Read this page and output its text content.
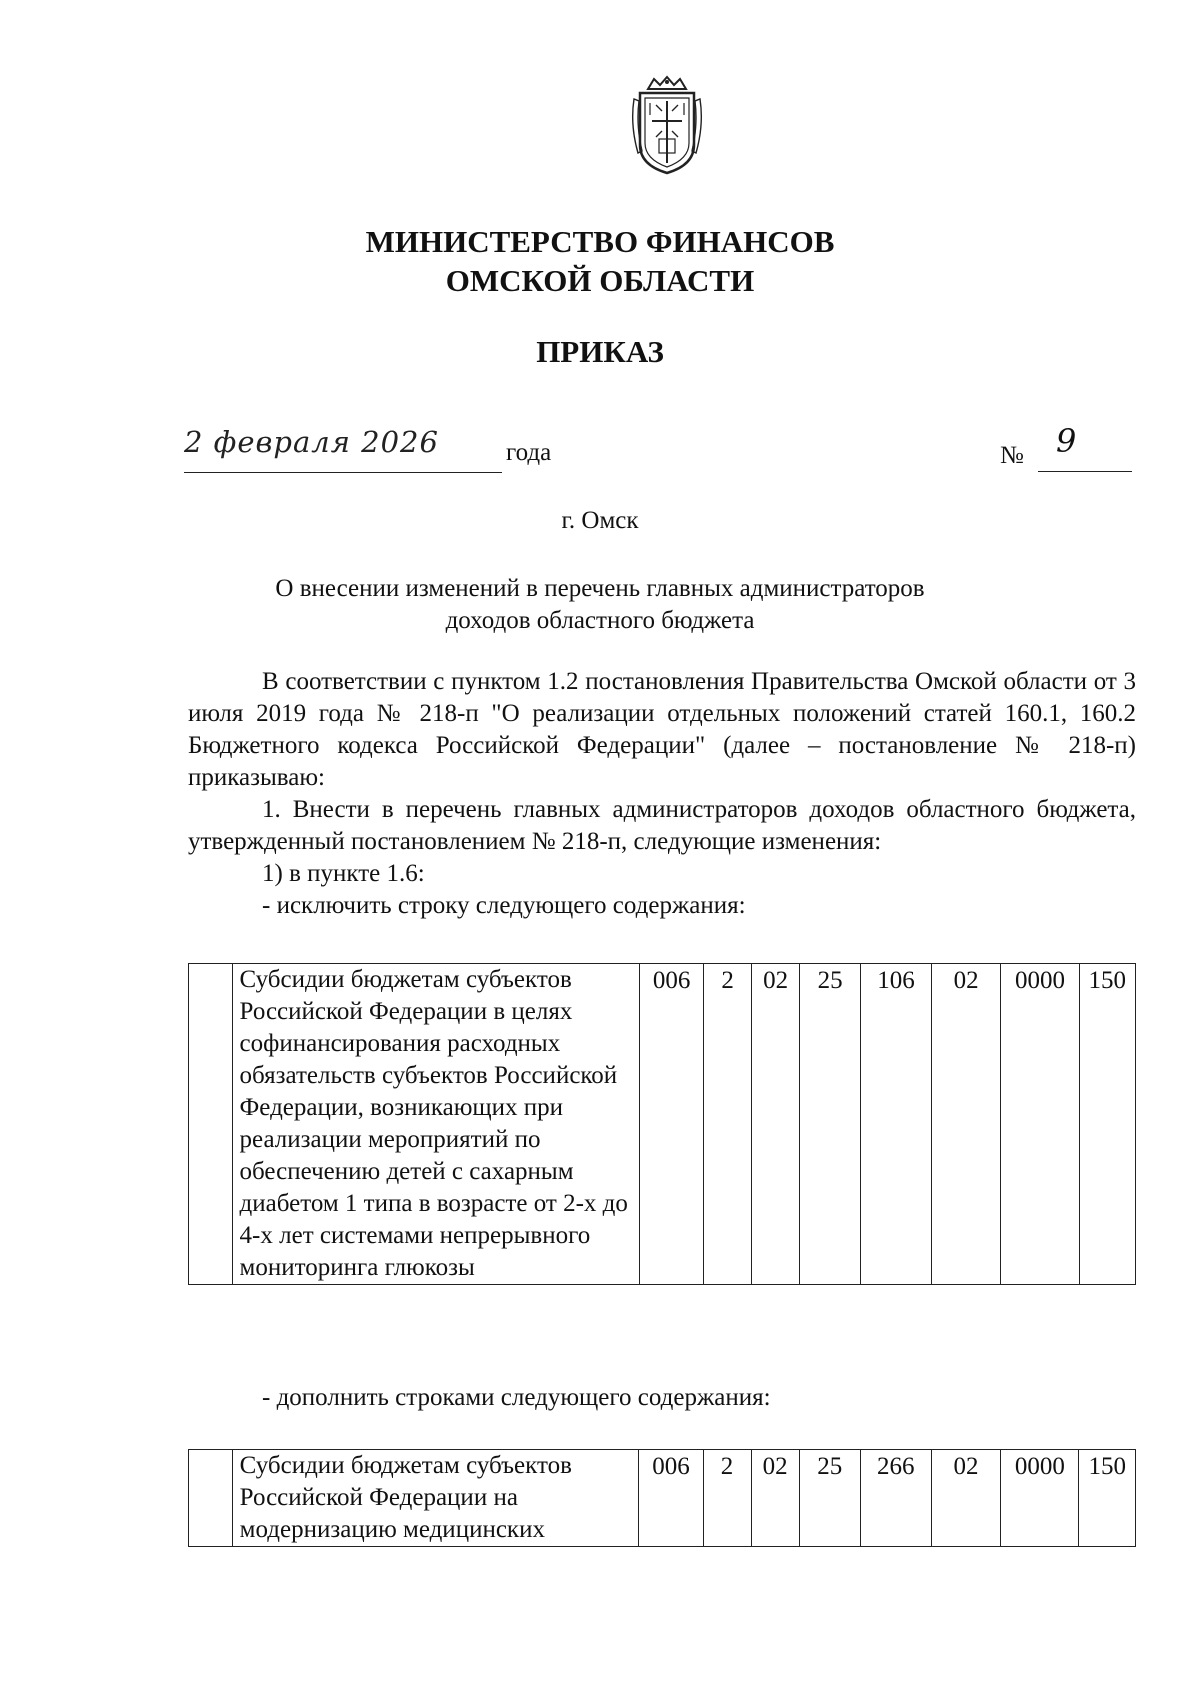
МИНИСТЕРСТВО ФИНАНСОВ
ОМСКОЙ ОБЛАСТИ
ПРИКАЗ
2 февраля 2026	года	№ 9
г. Омск
О внесении изменений в перечень главных администраторов
доходов областного бюджета

В соответствии с пунктом 1.2 постановления Правительства Омской области от 3 июля 2019 года № 218-п "О реализации отдельных положений статей 160.1, 160.2 Бюджетного кодекса Российской Федерации" (далее – постановление № 218-п) приказываю:

1. Внести в перечень главных администраторов доходов областного бюджета, утвержденный постановлением № 218-п, следующие изменения:

1) в пункте 1.6:

- исключить строку следующего содержания:

	Субсидии бюджетам субъектов Российской Федерации в целях софинансирования расходных обязательств субъектов Российской Федерации, возникающих при реализации мероприятий по обеспечению детей с сахарным диабетом 1 типа в возрасте от 2-х до 4-х лет системами непрерывного мониторинга глюкозы	006	2	02	25	106	02	0000	150
- дополнить строками следующего содержания:
	Субсидии бюджетам субъектов Российской Федерации на модернизацию медицинских	006	2	02	25	266	02	0000	150
